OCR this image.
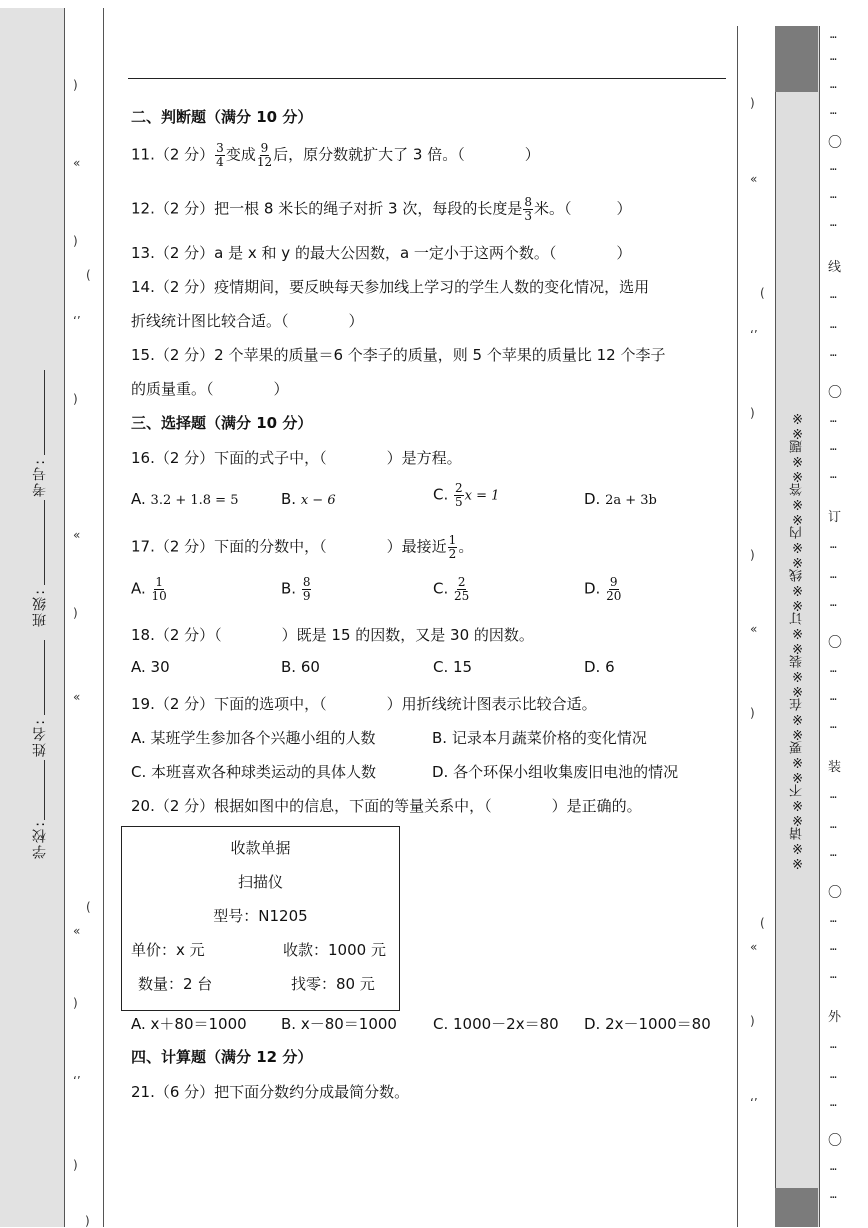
学校:
姓名:
班级:
考号:
)
«
)
(
‘’
)
«
)
«
(
)
«
)
‘’
)
※※请※※不※※要※※在※※装※※订※※线※※内※※答※※题※※
)
«
(
‘’
)
)
«
)
«
(
)
‘’
…
…
…
…
〇
…
…
…
线
…
…
…
〇
…
…
…
订
…
…
…
〇
…
…
…
装
…
…
…
〇
…
…
…
外
…
…
…
〇
…
…
二、判断题（满分 10 分）
11.（2 分） $\frac{3}{4}$ 变成 $\frac{9}{12}$ 后，原分数就扩大了 3 倍。（　　　　）
12.（2 分）把一根 8 米长的绳子对折 3 次，每段的长度是 $\frac{8}{3}$ 米。（　　　）
13.（2 分）a 是 x 和 y 的最大公因数，a 一定小于这两个数。（　　　　）
14.（2 分）疫情期间，要反映每天参加线上学习的学生人数的变化情况，选用
折线统计图比较合适。（　　　　）
15.（2 分）2 个苹果的质量＝6 个李子的质量，则 5 个苹果的质量比 12 个李子
的质量重。（　　　　）
三、选择题（满分 10 分）
16.（2 分）下面的式子中，（　　　　）是方程。
A. 3.2 + 1.8 = 5	B. x − 6	C. $\frac{2}{5}$ x = 1	D. 2a + 3b
17.（2 分）下面的分数中，（　　　　）最接近 $\frac{1}{2}$ 。
A. $\frac{1}{10}$	B. $\frac{8}{9}$	C. $\frac{2}{25}$	D. $\frac{9}{20}$
18.（2 分）（　　　　）既是 15 的因数，又是 30 的因数。
A. 30	B. 60	C. 15	D. 6
19.（2 分）下面的选项中，（　　　　）用折线统计图表示比较合适。
A. 某班学生参加各个兴趣小组的人数	B. 记录本月蔬菜价格的变化情况
C. 本班喜欢各种球类运动的具体人数	D. 各个环保小组收集废旧电池的情况
20.（2 分）根据如图中的信息，下面的等量关系中，（　　　　）是正确的。
收款单据
扫描仪
型号：N1205
单价：x 元	收款：1000 元
数量：2 台	找零：80 元
A. x＋80＝1000 B. x－80＝1000 C. 1000－2x＝80 D. 2x－1000＝80
四、计算题（满分 12 分）
21.（6 分）把下面分数约分成最简分数。
